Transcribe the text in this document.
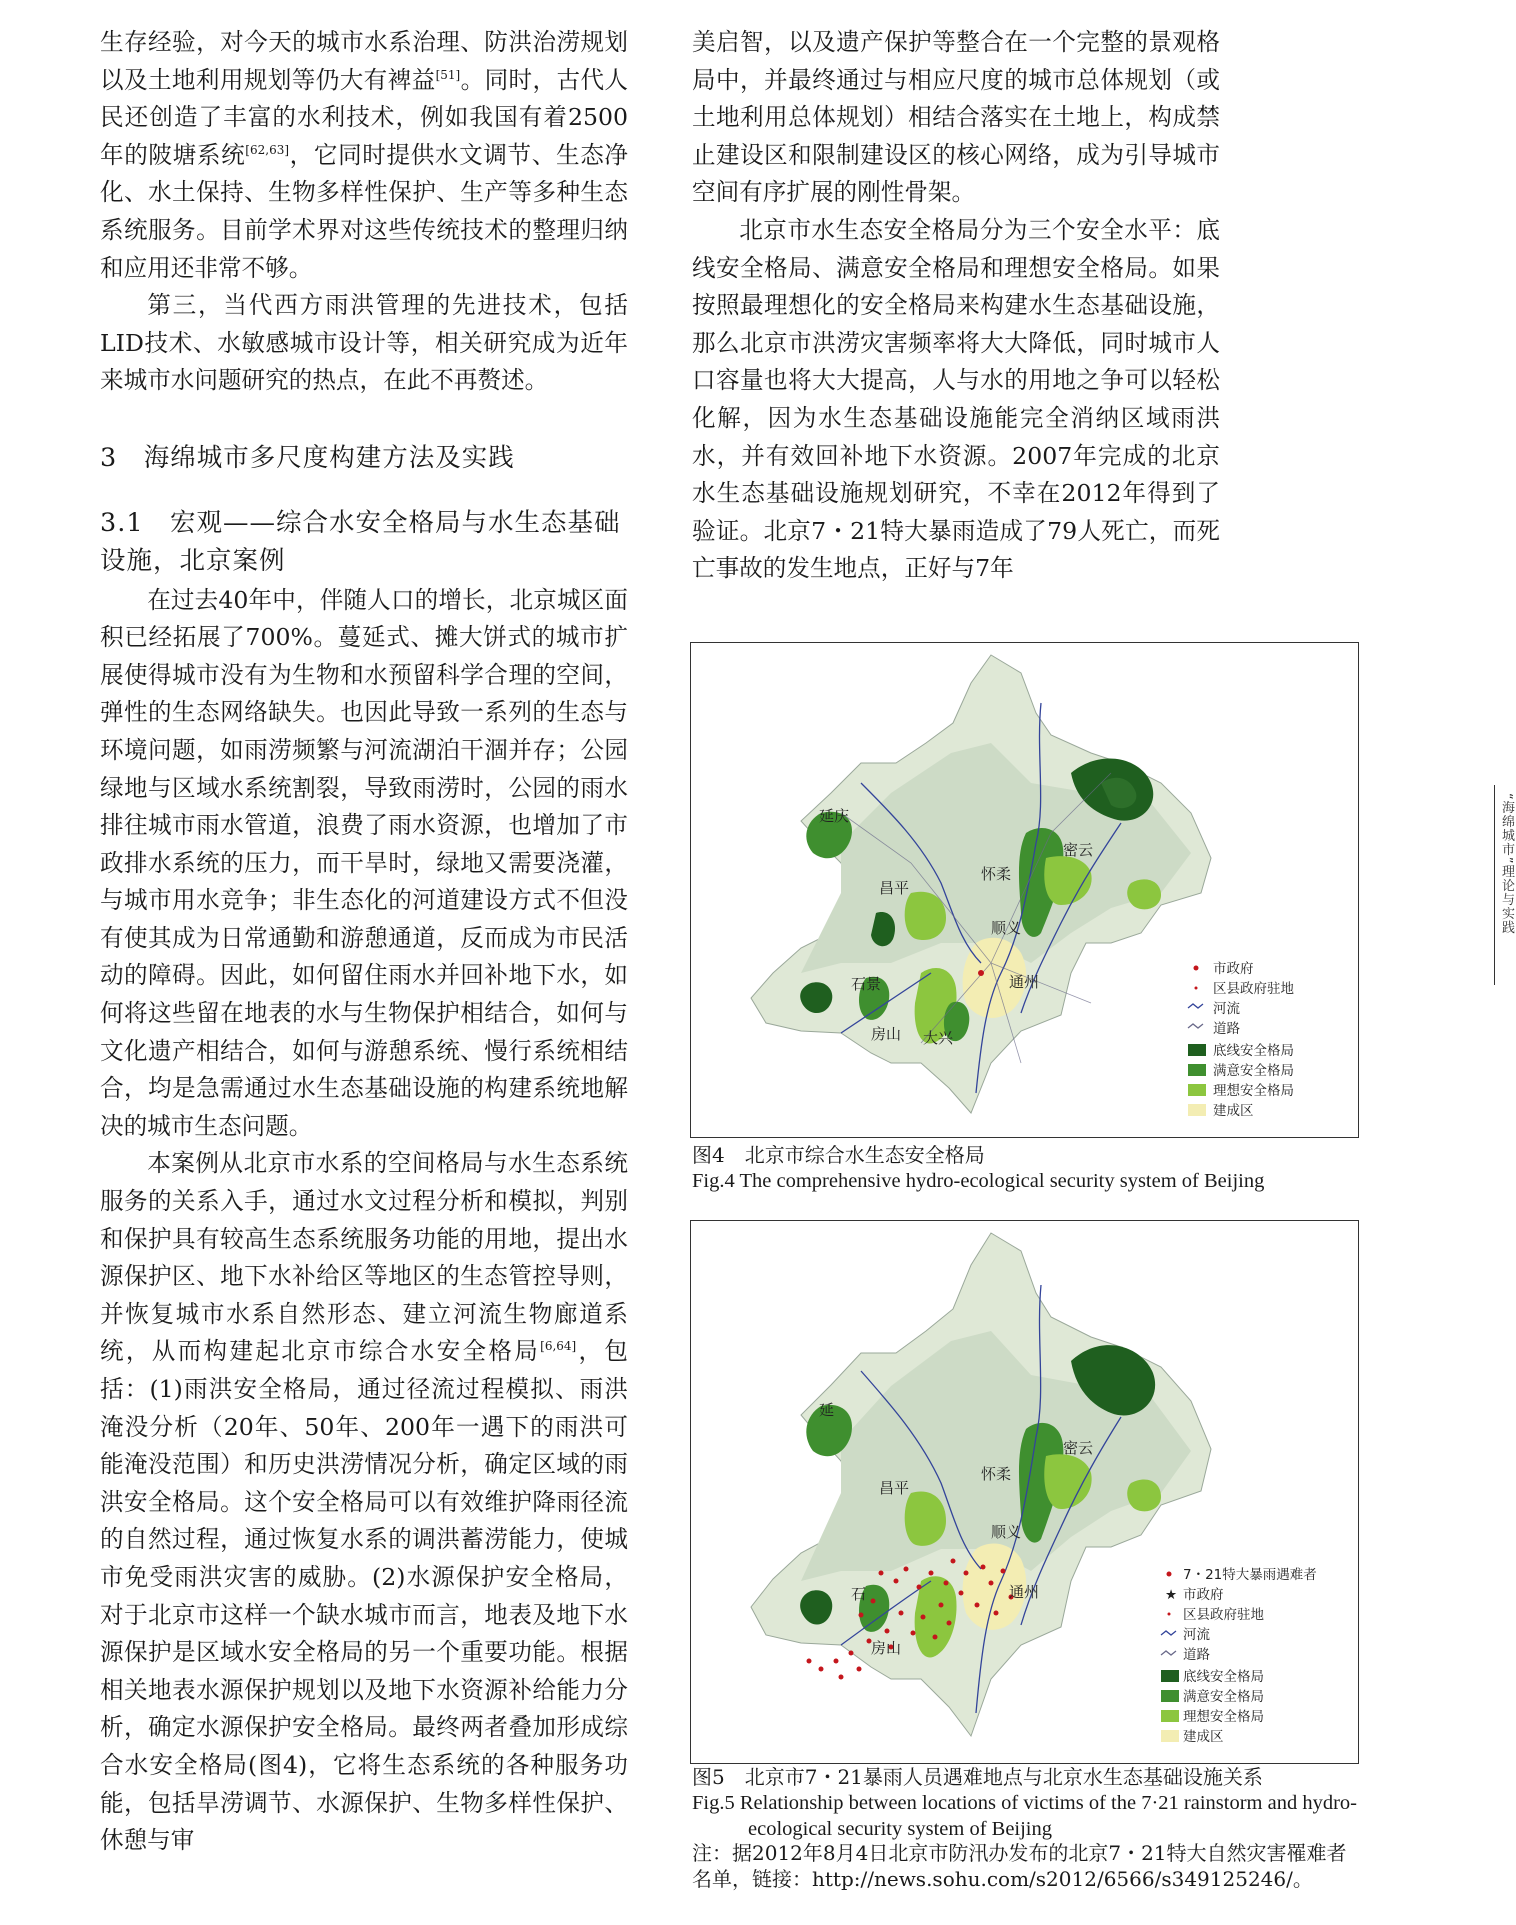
生存经验，对今天的城市水系治理、防洪治涝规划以及土地利用规划等仍大有裨益[51]。同时，古代人民还创造了丰富的水利技术，例如我国有着2500年的陂塘系统[62,63]，它同时提供水文调节、生态净化、水土保持、生物多样性保护、生产等多种生态系统服务。目前学术界对这些传统技术的整理归纳和应用还非常不够。

第三，当代西方雨洪管理的先进技术，包括LID技术、水敏感城市设计等，相关研究成为近年来城市水问题研究的热点，在此不再赘述。

3　海绵城市多尺度构建方法及实践
3.1　宏观——综合水安全格局与水生态基础设施，北京案例

在过去40年中，伴随人口的增长，北京城区面积已经拓展了700%。蔓延式、摊大饼式的城市扩展使得城市没有为生物和水预留科学合理的空间，弹性的生态网络缺失。也因此导致一系列的生态与环境问题，如雨涝频繁与河流湖泊干涸并存；公园绿地与区域水系统割裂，导致雨涝时，公园的雨水排往城市雨水管道，浪费了雨水资源，也增加了市政排水系统的压力，而干旱时，绿地又需要浇灌，与城市用水竞争；非生态化的河道建设方式不但没有使其成为日常通勤和游憩通道，反而成为市民活动的障碍。因此，如何留住雨水并回补地下水，如何将这些留在地表的水与生物保护相结合，如何与文化遗产相结合，如何与游憩系统、慢行系统相结合，均是急需通过水生态基础设施的构建系统地解决的城市生态问题。

本案例从北京市水系的空间格局与水生态系统服务的关系入手，通过水文过程分析和模拟，判别和保护具有较高生态系统服务功能的用地，提出水源保护区、地下水补给区等地区的生态管控导则，并恢复城市水系自然形态、建立河流生物廊道系统，从而构建起北京市综合水安全格局[6,64]，包括：(1)雨洪安全格局，通过径流过程模拟、雨洪淹没分析（20年、50年、200年一遇下的雨洪可能淹没范围）和历史洪涝情况分析，确定区域的雨洪安全格局。这个安全格局可以有效维护降雨径流的自然过程，通过恢复水系的调洪蓄涝能力，使城市免受雨洪灾害的威胁。(2)水源保护安全格局，对于北京市这样一个缺水城市而言，地表及地下水源保护是区域水安全格局的另一个重要功能。根据相关地表水源保护规划以及地下水资源补给能力分析，确定水源保护安全格局。最终两者叠加形成综合水安全格局(图4)，它将生态系统的各种服务功能，包括旱涝调节、水源保护、生物多样性保护、休憩与审

美启智，以及遗产保护等整合在一个完整的景观格局中，并最终通过与相应尺度的城市总体规划（或土地利用总体规划）相结合落实在土地上，构成禁止建设区和限制建设区的核心网络，成为引导城市空间有序扩展的刚性骨架。

北京市水生态安全格局分为三个安全水平：底线安全格局、满意安全格局和理想安全格局。如果按照最理想化的安全格局来构建水生态基础设施，那么北京市洪涝灾害频率将大大降低，同时城市人口容量也将大大提高，人与水的用地之争可以轻松化解，因为水生态基础设施能完全消纳区域雨洪水，并有效回补地下水资源。2007年完成的北京水生态基础设施规划研究，不幸在2012年得到了验证。北京7・21特大暴雨造成了79人死亡，而死亡事故的发生地点，正好与7年

延庆
昌平
顺义
石景	通州
房山 大兴
怀柔
密云
市政府
区县政府驻地
河流
道路
底线安全格局
满意安全格局
理想安全格局
建成区
图4　北京市综合水生态安全格局
Fig.4 The comprehensive hydro-ecological security system of Beijing
延
昌平
顺义
石	通州
房山
怀柔
密云
7・21特大暴雨遇难者
★ 市政府
区县政府驻地
河流
道路
底线安全格局
满意安全格局
理想安全格局
建成区
图5　北京市7・21暴雨人员遇难地点与北京水生态基础设施关系
Fig.5 Relationship between locations of victims of the 7·21 rainstorm and hydro-ecological security system of Beijing
注：据2012年8月4日北京市防汛办发布的北京7・21特大自然灾害罹难者名单，链接：http://news.sohu.com/s2012/6566/s349125246/。
“海绵城市”理论与实践
